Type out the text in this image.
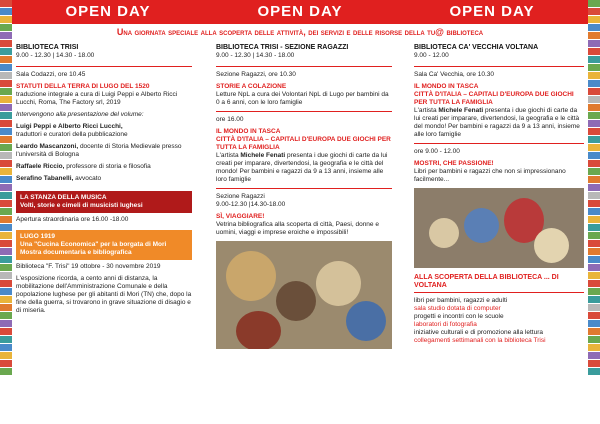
OPEN DAY	OPEN DAY	OPEN DAY
Una giornata speciale alla scoperta delle attività, dei servizi e delle risorse della tu@ biblioteca
BIBLIOTECA TRISI
9.00 - 12.30 | 14.30 - 18.00
Sala Codazzi, ore 10.45
STATUTI DELLA TERRA DI LUGO DEL 1520
traduzione integrale a cura di Luigi Peppi e Alberto Ricci Lucchi, Roma, The Factory srl, 2019
Intervengono alla presentazione del volume:
Luigi Peppi e Alberto Ricci Lucchi,
traduttori e curatori della pubblicazione
Leardo Mascanzoni, docente di Storia Medievale presso l'università di Bologna
Raffaele Riccio, professore di storia e filosofia
Serafino Tabanelli, avvocato
LA STANZA DELLA MUSICA
Volti, storie e cimeli di musicisti lughesi
Apertura straordinaria ore 16.00 -18.00
LUGO 1919
Una "Cucina Economica" per la borgata di Mori Mostra documentaria e bibliografica
Biblioteca "F. Trisi" 19 ottobre - 30 novembre 2019
L'esposizione ricorda, a cento anni di distanza, la mobilitazione dell'Amministrazione Comunale e della popolazione lughese per gli abitanti di Mori (TN) che, dopo la fine della guerra, si trovarono in grave situazione di disagio e di miseria.
BIBLIOTECA TRISI - SEZIONE RAGAZZI
9.00 - 12.30 | 14.30 - 18.00
Sezione Ragazzi, ore 10.30
STORIE A COLAZIONE
Letture NpL a cura dei Volontari NpL di Lugo per bambini da 0 a 6 anni, con le loro famiglie
ore 16.00
IL MONDO IN TASCA
CITTÀ D'ITALIA – CAPITALI D'EUROPA DUE GIOCHI PER TUTTA LA FAMIGLIA
L'artista Michele Fenati presenta i due giochi di carte da lui creati per imparare, divertendosi, la geografia e le città del mondo! Per bambini e ragazzi da 9 a 13 anni, insieme alle loro famiglie
Sezione Ragazzi
9.00-12.30 |14.30-18.00
SÌ, VIAGGIARE!
Vetrina bibliografica alla scoperta di città, Paesi, donne e uomini, viaggi e imprese eroiche e impossibili!
BIBLIOTECA CA' VECCHIA VOLTANA
9.00 - 12.00
Sala Ca' Vecchia, ore 10.30
IL MONDO IN TASCA
CITTÀ D'ITALIA – CAPITALI D'EUROPA DUE GIOCHI PER TUTTA LA FAMIGLIA
L'artista Michele Fenati presenta i due giochi di carte da lui creati per imparare, divertendosi, la geografia e le città del mondo! Per bambini e ragazzi da 9 a 13 anni, insieme alle loro famiglie
ore 9.00 - 12.00
MOSTRI, CHE PASSIONE!
Libri per bambini e ragazzi che non si impressionano facilmente...
ALLA SCOPERTA DELLA BIBLIOTECA ... DI VOLTANA
libri per bambini, ragazzi e adulti
sala studio dotata di computer
progetti e incontri con le scuole
laboratori di fotografia
iniziative culturali e di promozione alla lettura
collegamenti settimanali con la biblioteca Trisi
